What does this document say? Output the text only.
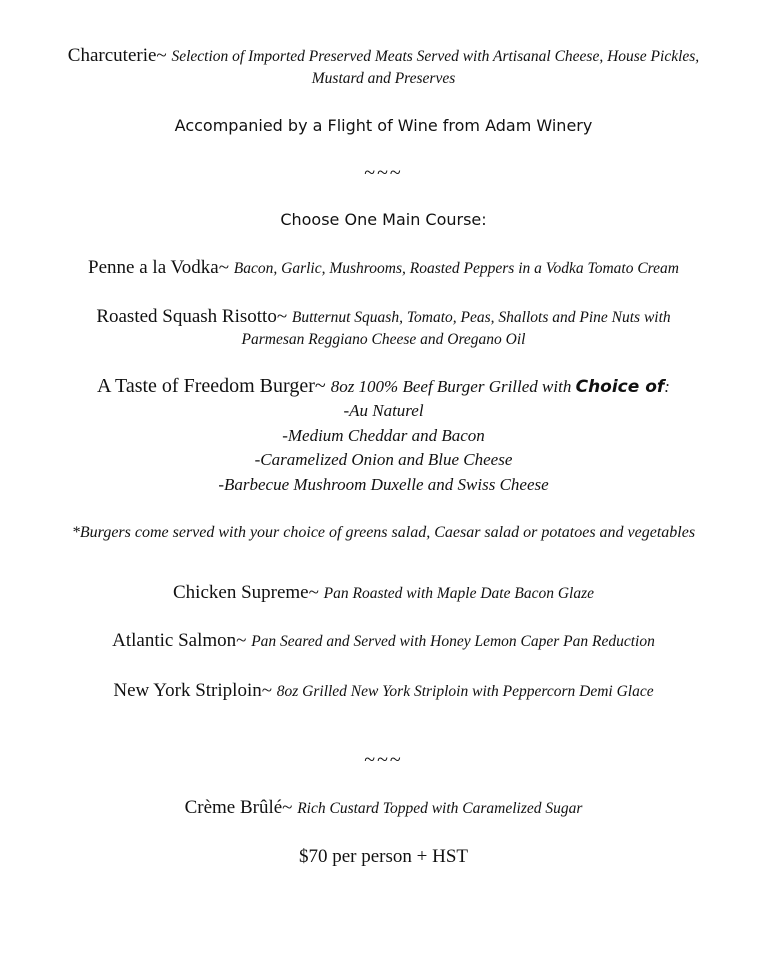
Charcuterie~ Selection of Imported Preserved Meats Served with Artisanal Cheese, House Pickles,
Mustard and Preserves
Accompanied by a Flight of Wine from Adam Winery
~~~
Choose One Main Course:
Penne a la Vodka~ Bacon, Garlic, Mushrooms, Roasted Peppers in a Vodka Tomato Cream
Roasted Squash Risotto~ Butternut Squash, Tomato, Peas, Shallots and Pine Nuts with
Parmesan Reggiano Cheese and Oregano Oil
A Taste of Freedom Burger~ 8oz 100% Beef Burger Grilled with Choice of:
-Au Naturel
-Medium Cheddar and Bacon
-Caramelized Onion and Blue Cheese
-Barbecue Mushroom Duxelle and Swiss Cheese
*Burgers come served with your choice of greens salad, Caesar salad or potatoes and vegetables
Chicken Supreme~ Pan Roasted with Maple Date Bacon Glaze
Atlantic Salmon~ Pan Seared and Served with Honey Lemon Caper Pan Reduction
New York Striploin~ 8oz Grilled New York Striploin with Peppercorn Demi Glace
~~~
Crème Brûlé~ Rich Custard Topped with Caramelized Sugar
$70 per person + HST
